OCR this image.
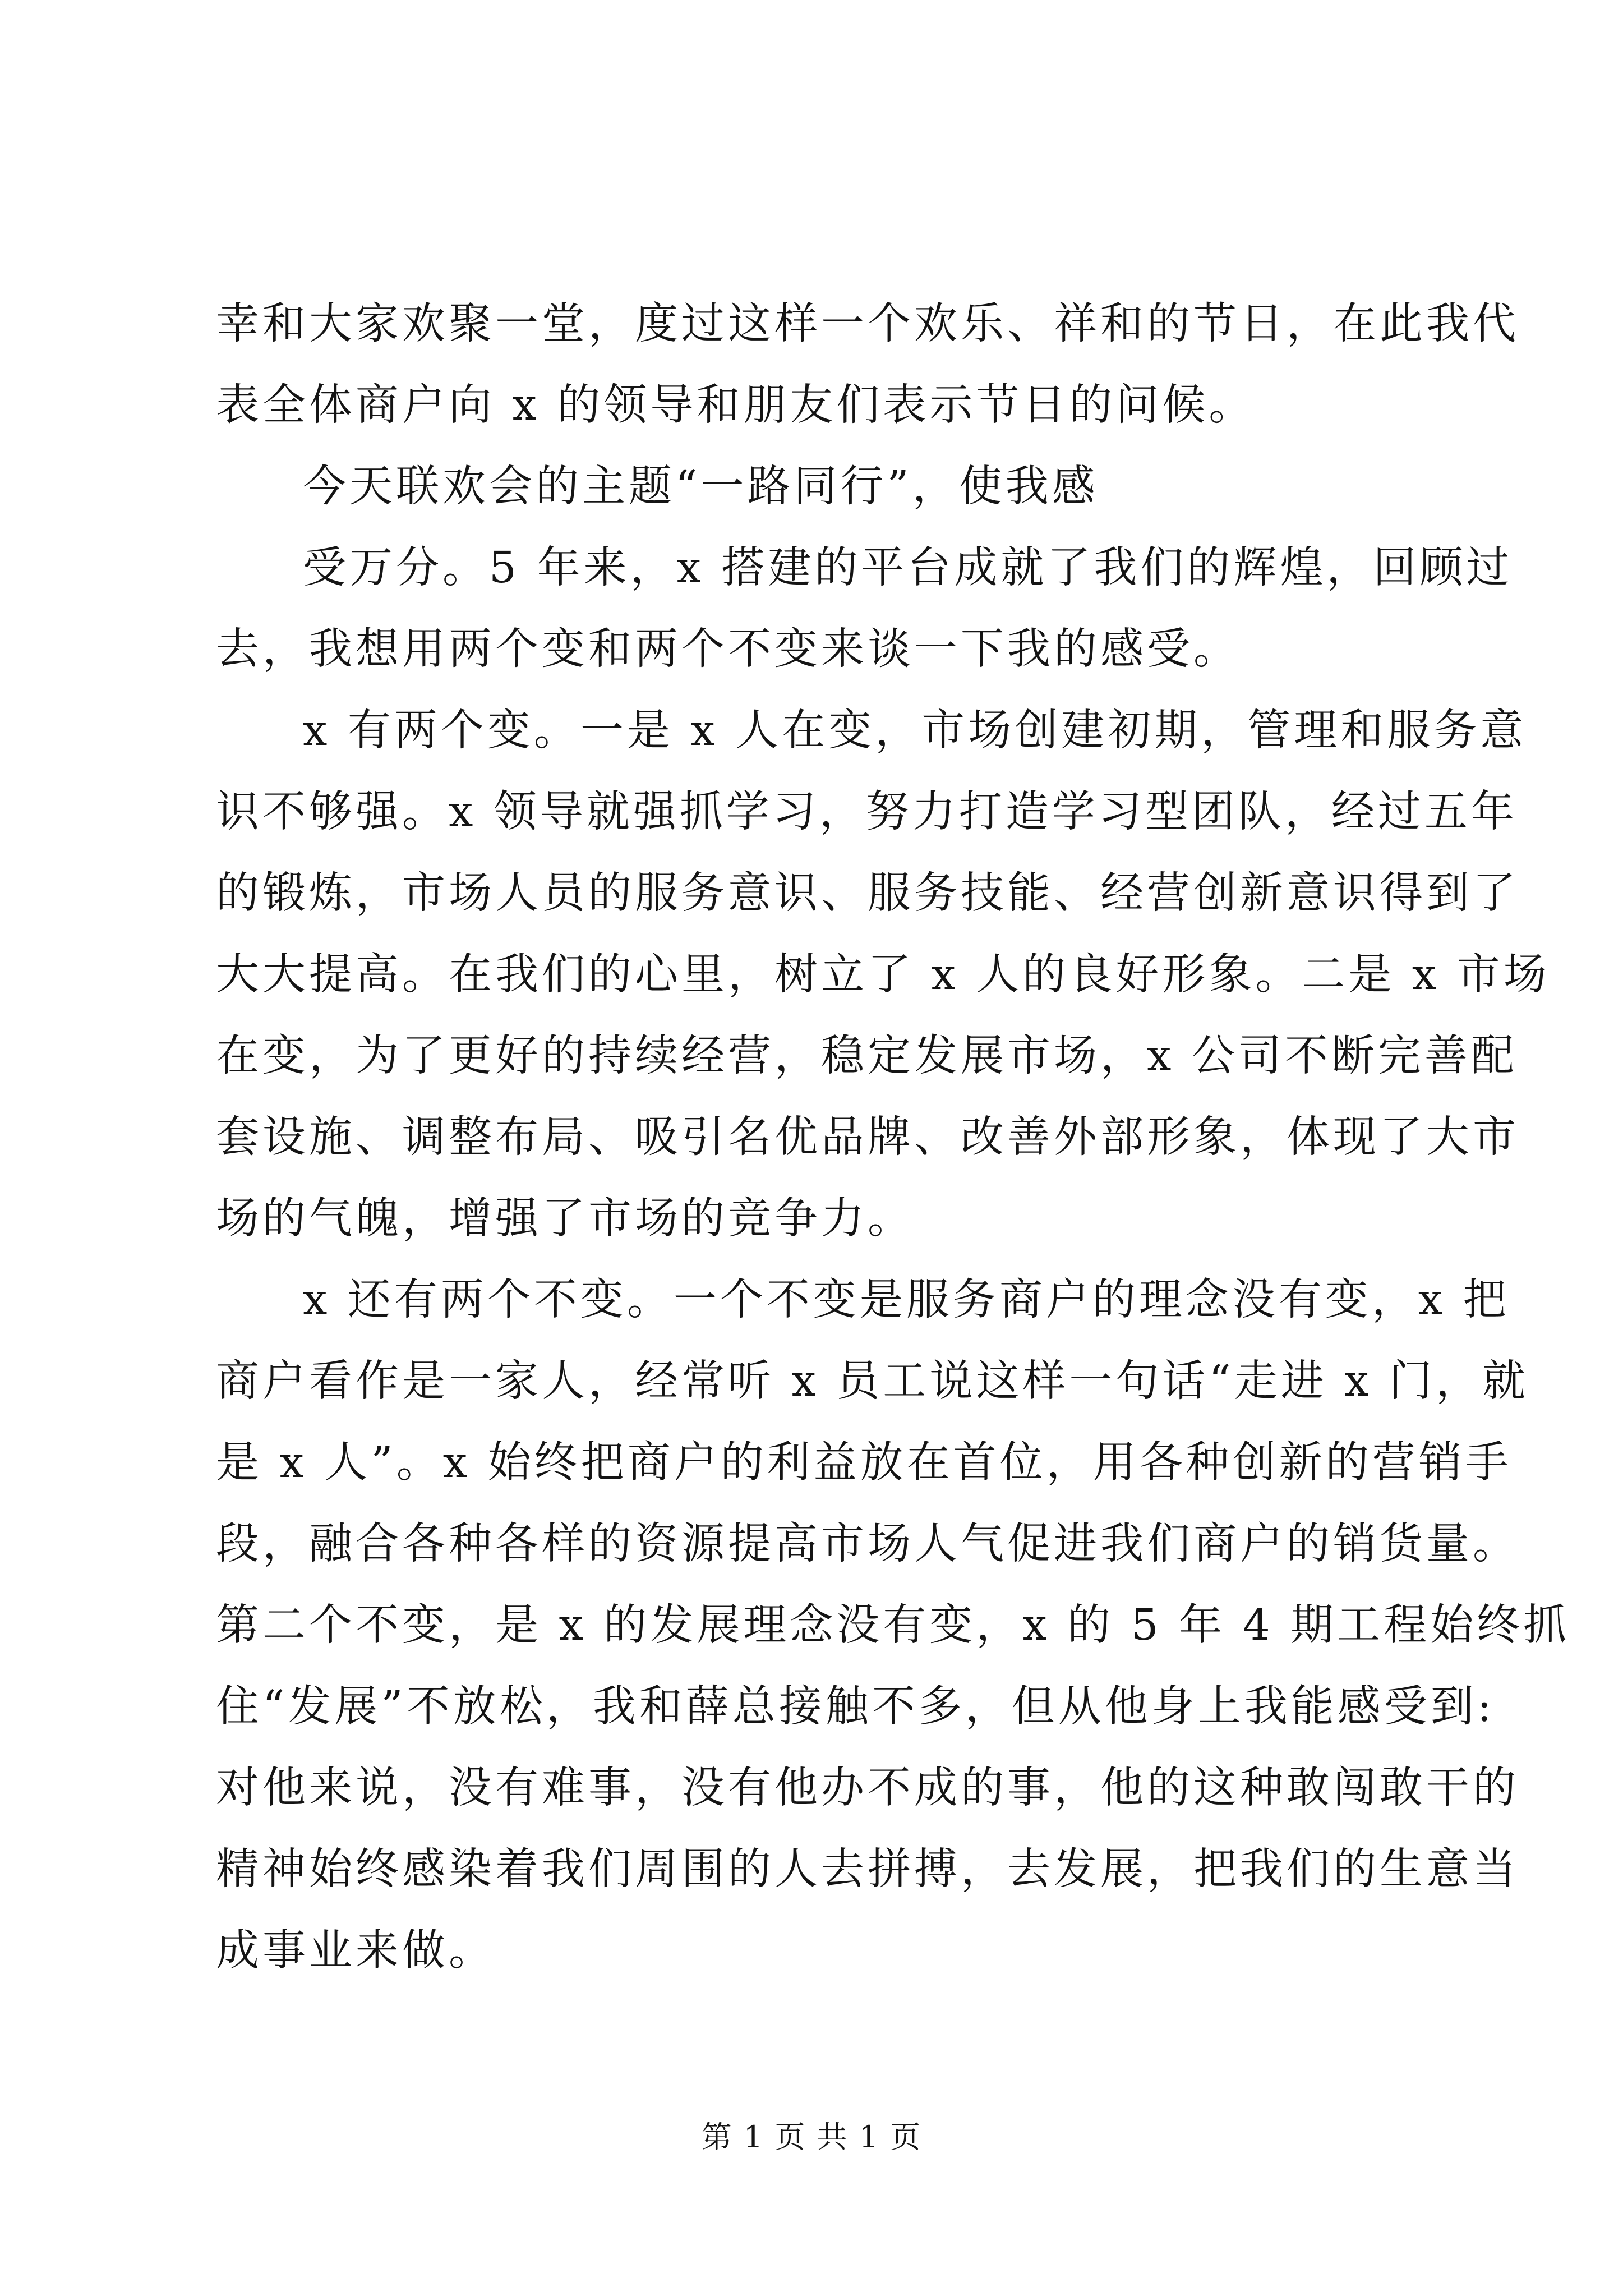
幸和大家欢聚一堂，度过这样一个欢乐、祥和的节日，在此我代
表全体商户向 x 的领导和朋友们表示节日的问候。
今天联欢会的主题“一路同行”，使我感
受万分。5 年来，x 搭建的平台成就了我们的辉煌，回顾过
去，我想用两个变和两个不变来谈一下我的感受。
x 有两个变。一是 x 人在变，市场创建初期，管理和服务意
识不够强。x 领导就强抓学习，努力打造学习型团队，经过五年
的锻炼，市场人员的服务意识、服务技能、经营创新意识得到了
大大提高。在我们的心里，树立了 x 人的良好形象。二是 x 市场
在变，为了更好的持续经营，稳定发展市场，x 公司不断完善配
套设施、调整布局、吸引名优品牌、改善外部形象，体现了大市
场的气魄，增强了市场的竞争力。
x 还有两个不变。一个不变是服务商户的理念没有变，x 把
商户看作是一家人，经常听 x 员工说这样一句话“走进 x 门，就
是 x 人”。x 始终把商户的利益放在首位，用各种创新的营销手
段，融合各种各样的资源提高市场人气促进我们商户的销货量。
第二个不变，是 x 的发展理念没有变，x 的 5 年 4 期工程始终抓
住“发展”不放松，我和薛总接触不多，但从他身上我能感受到:
对他来说，没有难事，没有他办不成的事，他的这种敢闯敢干的
精神始终感染着我们周围的人去拼搏，去发展，把我们的生意当
成事业来做。
第 1 页 共 1 页
